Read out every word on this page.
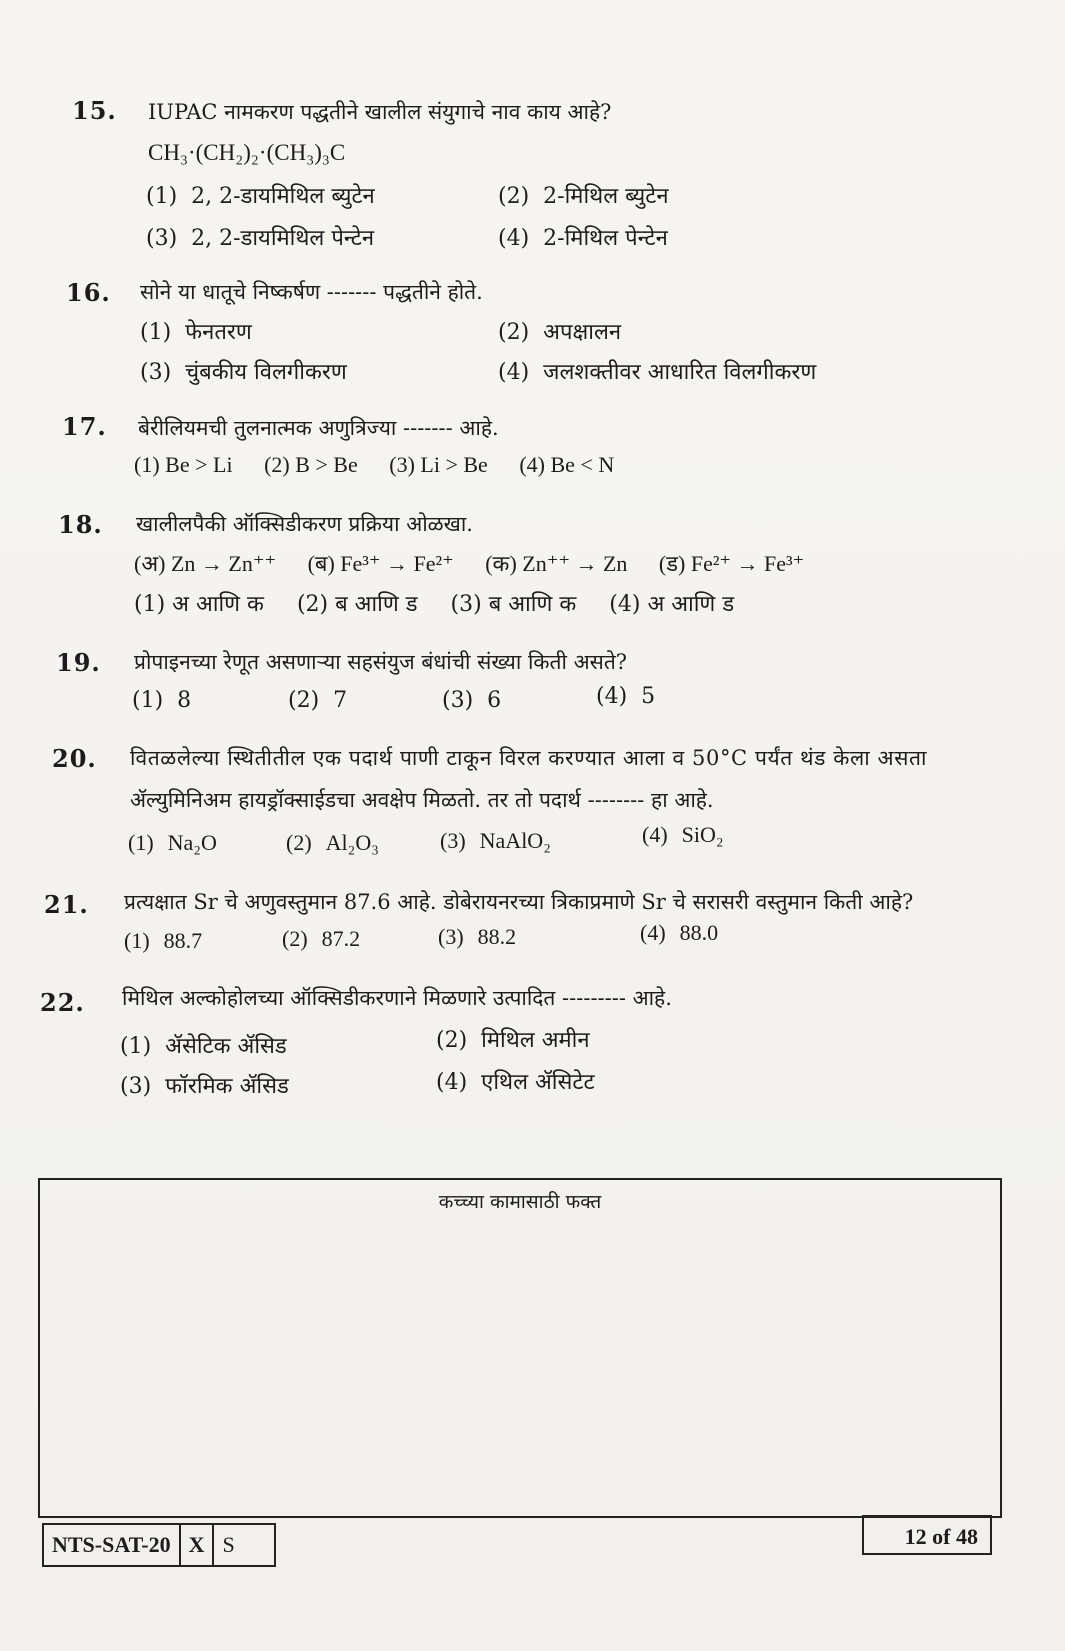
15. IUPAC नामकरण पद्धतीने खालील संयुगाचे नाव काय आहे?
CH₃·(CH₂)₂·(CH₃)₃C
(1) 2, 2-डायमिथिल ब्युटेन	(2) 2-मिथिल ब्युटेन
(3) 2, 2-डायमिथिल पेन्टेन	(4) 2-मिथिल पेन्टेन
16. सोने या धातूचे निष्कर्षण ------- पद्धतीने होते.
(1) फेनतरण	(2) अपक्षालन
(3) चुंबकीय विलगीकरण	(4) जलशक्तीवर आधारित विलगीकरण
17. बेरीलियमची तुलनात्मक अणुत्रिज्या ------- आहे.
(1) Be > Li (2) B > Be (3) Li > Be (4) Be < N
18. खालीलपैकी ऑक्सिडीकरण प्रक्रिया ओळखा.
(अ) Zn → Zn⁺⁺ (ब) Fe³⁺ → Fe²⁺ (क) Zn⁺⁺ → Zn (ड) Fe²⁺ → Fe³⁺
(1) अ आणि क (2) ब आणि ड (3) ब आणि क (4) अ आणि ड
19. प्रोपाइनच्या रेणूत असणाऱ्या सहसंयुज बंधांची संख्या किती असते?
(1) 8	(2) 7	(3) 6	(4) 5
20. वितळलेल्या स्थितीतील एक पदार्थ पाणी टाकून विरल करण्यात आला व 50°C पर्यंत थंड केला असता
ॲल्युमिनिअम हायड्रॉक्साईडचा अवक्षेप मिळतो. तर तो पदार्थ -------- हा आहे.
(1) Na₂O	(2) Al₂O₃	(3) NaAlO₂	(4) SiO₂
21. प्रत्यक्षात Sr चे अणुवस्तुमान 87.6 आहे. डोबेरायनरच्या त्रिकाप्रमाणे Sr चे सरासरी वस्तुमान किती आहे?
(1) 88.7	(2) 87.2	(3) 88.2	(4) 88.0
22. मिथिल अल्कोहोलच्या ऑक्सिडीकरणाने मिळणारे उत्पादित --------- आहे.
(1) ॲसेटिक ॲसिड	(2) मिथिल अमीन
(3) फॉरमिक ॲसिड	(4) एथिल ॲसिटेट
कच्च्या कामासाठी फक्त
NTS-SAT-20 X S	12 of 48
